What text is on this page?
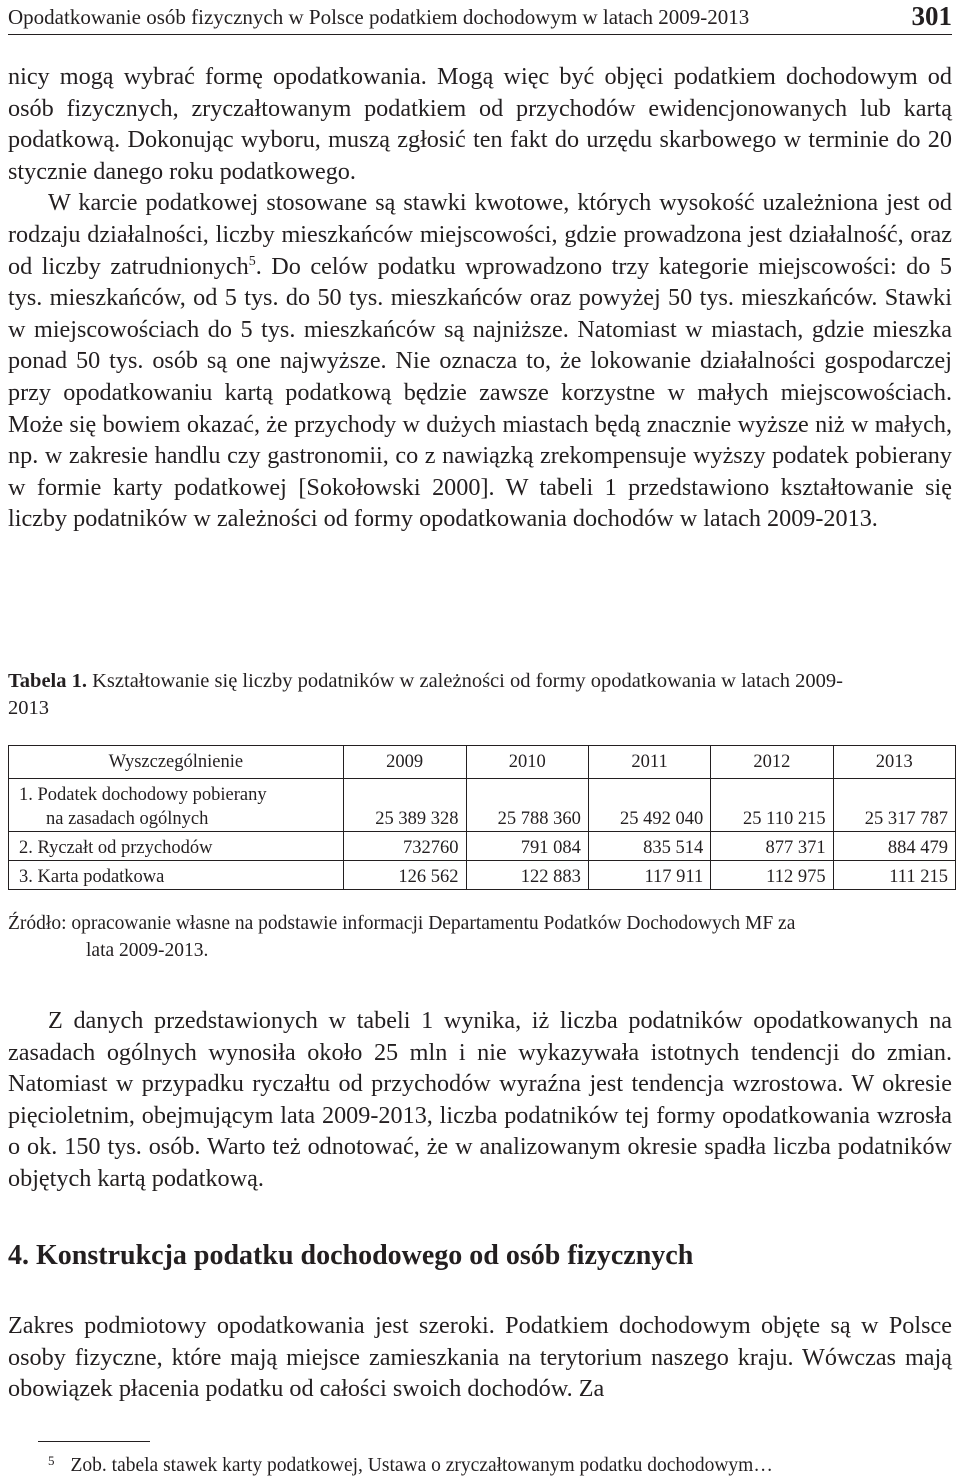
Opodatkowanie osób fizycznych w Polsce podatkiem dochodowym w latach 2009-2013	301

nicy mogą wybrać formę opodatkowania. Mogą więc być objęci podatkiem dochodowym od osób fizycznych, zryczałtowanym podatkiem od przychodów ewidencjonowanych lub kartą podatkową. Dokonując wyboru, muszą zgłosić ten fakt do urzędu skarbowego w terminie do 20 stycznie danego roku podatkowego.

W karcie podatkowej stosowane są stawki kwotowe, których wysokość uzależniona jest od rodzaju działalności, liczby mieszkańców miejscowości, gdzie prowadzona jest działalność, oraz od liczby zatrudnionych$^5$. Do celów podatku wprowadzono trzy kategorie miejscowości: do 5 tys. mieszkańców, od 5 tys. do 50 tys. mieszkańców oraz powyżej 50 tys. mieszkańców. Stawki w miejscowościach do 5 tys. mieszkańców są najniższe. Natomiast w miastach, gdzie mieszka ponad 50 tys. osób są one najwyższe. Nie oznacza to, że lokowanie działalności gospodarczej przy opodatkowaniu kartą podatkową będzie zawsze korzystne w małych miejscowościach. Może się bowiem okazać, że przychody w dużych miastach będą znacznie wyższe niż w małych, np. w zakresie handlu czy gastronomii, co z nawiązką zrekompensuje wyższy podatek pobierany w formie karty podatkowej [Sokołowski 2000]. W tabeli 1 przedstawiono kształtowanie się liczby podatników w zależności od formy opodatkowania dochodów w latach 2009-2013.

Tabela 1. Kształtowanie się liczby podatników w zależności od formy opodatkowania w latach 2009-2013
Wyszczególnienie	2009	2010	2011	2012	2013

1. Podatek dochodowy pobierany
na zasadach ogólnych	25 389 328	25 788 360	25 492 040	25 110 215	25 317 787
2. Ryczałt od przychodów	732760	791 084	835 514	877 371	884 479
3. Karta podatkowa	126 562	122 883	117 911	112 975	111 215
Źródło: opracowanie własne na podstawie informacji Departamentu Podatków Dochodowych MF za
lata 2009-2013.

Z danych przedstawionych w tabeli 1 wynika, iż liczba podatników opodatkowanych na zasadach ogólnych wynosiła około 25 mln i nie wykazywała istotnych tendencji do zmian. Natomiast w przypadku ryczałtu od przychodów wyraźna jest tendencja wzrostowa. W okresie pięcioletnim, obejmującym lata 2009-2013, liczba podatników tej formy opodatkowania wzrosła o ok. 150 tys. osób. Warto też odnotować, że w analizowanym okresie spadła liczba podatników objętych kartą podatkową.

4. Konstrukcja podatku dochodowego od osób fizycznych

Zakres podmiotowy opodatkowania jest szeroki. Podatkiem dochodowym objęte są w Polsce osoby fizyczne, które mają miejsce zamieszkania na terytorium naszego kraju. Wówczas mają obowiązek płacenia podatku od całości swoich dochodów. Za

$^5$ Zob. tabela stawek karty podatkowej, Ustawa o zryczałtowanym podatku dochodowym…
